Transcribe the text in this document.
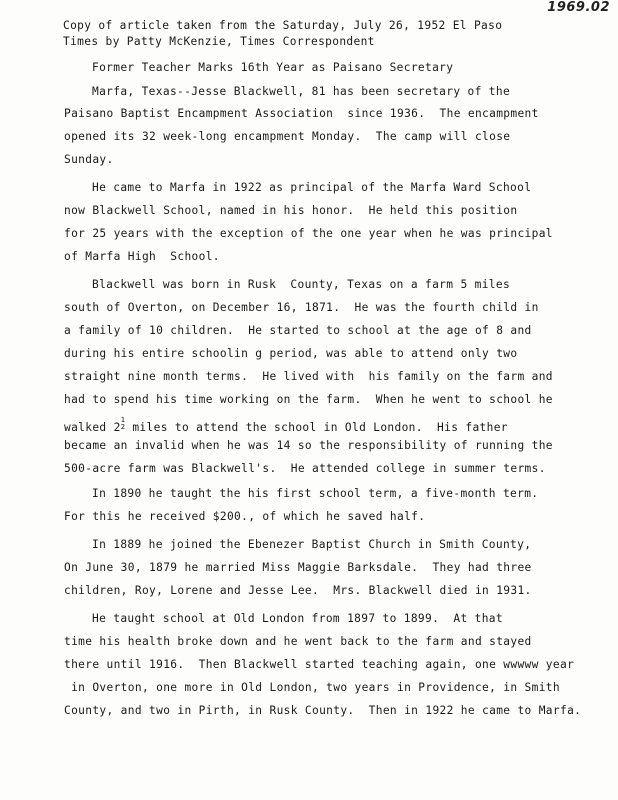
1969.02
Copy of article taken from the Saturday, July 26, 1952 El Paso
Times by Patty McKenzie, Times Correspondent
Former Teacher Marks 16th Year as Paisano Secretary
Marfa, Texas--Jesse Blackwell, 81 has been secretary of the
Paisano Baptist Encampment Association  since 1936.  The encampment
opened its 32 week-long encampment Monday.  The camp will close
Sunday.
He came to Marfa in 1922 as principal of the Marfa Ward School
now Blackwell School, named in his honor.  He held this position
for 25 years with the exception of the one year when he was principal
of Marfa High  School.
Blackwell was born in Rusk  County, Texas on a farm 5 miles
south of Overton, on December 16, 1871.  He was the fourth child in
a family of 10 children.  He started to school at the age of 8 and
during his entire schoolin g period, was able to attend only two
straight nine month terms.  He lived with  his family on the farm and
had to spend his time working on the farm.  When he went to school he
walked 2
1
2 miles to attend the school in Old London.  His father
became an invalid when he was 14 so the responsibility of running the
500-acre farm was Blackwell's.  He attended college in summer terms.
In 1890 he taught the his first school term, a five-month term.
For this he received $200., of which he saved half.
In 1889 he joined the Ebenezer Baptist Church in Smith County,
On June 30, 1879 he married Miss Maggie Barksdale.  They had three
children, Roy, Lorene and Jesse Lee.  Mrs. Blackwell died in 1931.
He taught school at Old London from 1897 to 1899.  At that
time his health broke down and he went back to the farm and stayed
there until 1916.  Then Blackwell started teaching again, one wwwww year
in Overton, one more in Old London, two years in Providence, in Smith
County, and two in Pirth, in Rusk County.  Then in 1922 he came to Marfa.
